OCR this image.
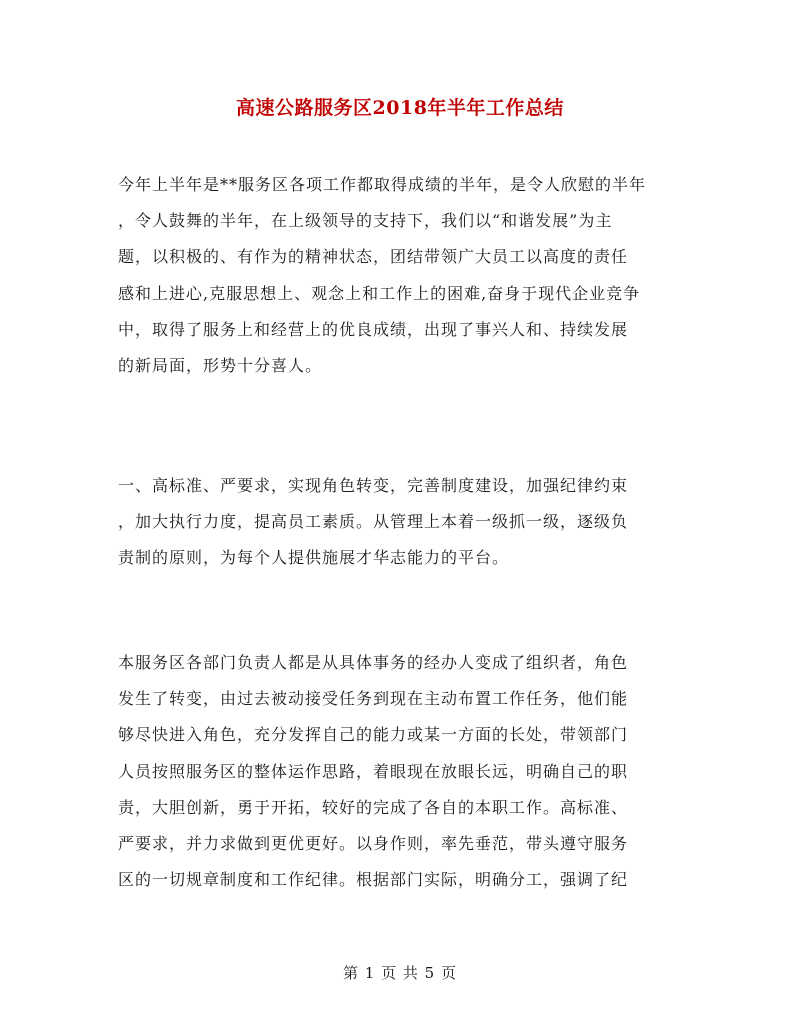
高速公路服务区2018年半年工作总结

今年上半年是**服务区各项工作都取得成绩的半年，是令人欣慰的半年
，令人鼓舞的半年，在上级领导的支持下，我们以“和谐发展”为主
题，以积极的、有作为的精神状态，团结带领广大员工以高度的责任
感和上进心,克服思想上、观念上和工作上的困难,奋身于现代企业竞争
中，取得了服务上和经营上的优良成绩，出现了事兴人和、持续发展
的新局面，形势十分喜人。

一、高标准、严要求，实现角色转变，完善制度建设，加强纪律约束
，加大执行力度，提高员工素质。从管理上本着一级抓一级，逐级负
责制的原则，为每个人提供施展才华志能力的平台。

本服务区各部门负责人都是从具体事务的经办人变成了组织者，角色
发生了转变，由过去被动接受任务到现在主动布置工作任务，他们能
够尽快进入角色，充分发挥自己的能力或某一方面的长处，带领部门
人员按照服务区的整体运作思路，着眼现在放眼长远，明确自己的职
责，大胆创新，勇于开拓，较好的完成了各自的本职工作。高标准、
严要求，并力求做到更优更好。以身作则，率先垂范，带头遵守服务
区的一切规章制度和工作纪律。根据部门实际，明确分工，强调了纪

第 1 页 共 5 页
